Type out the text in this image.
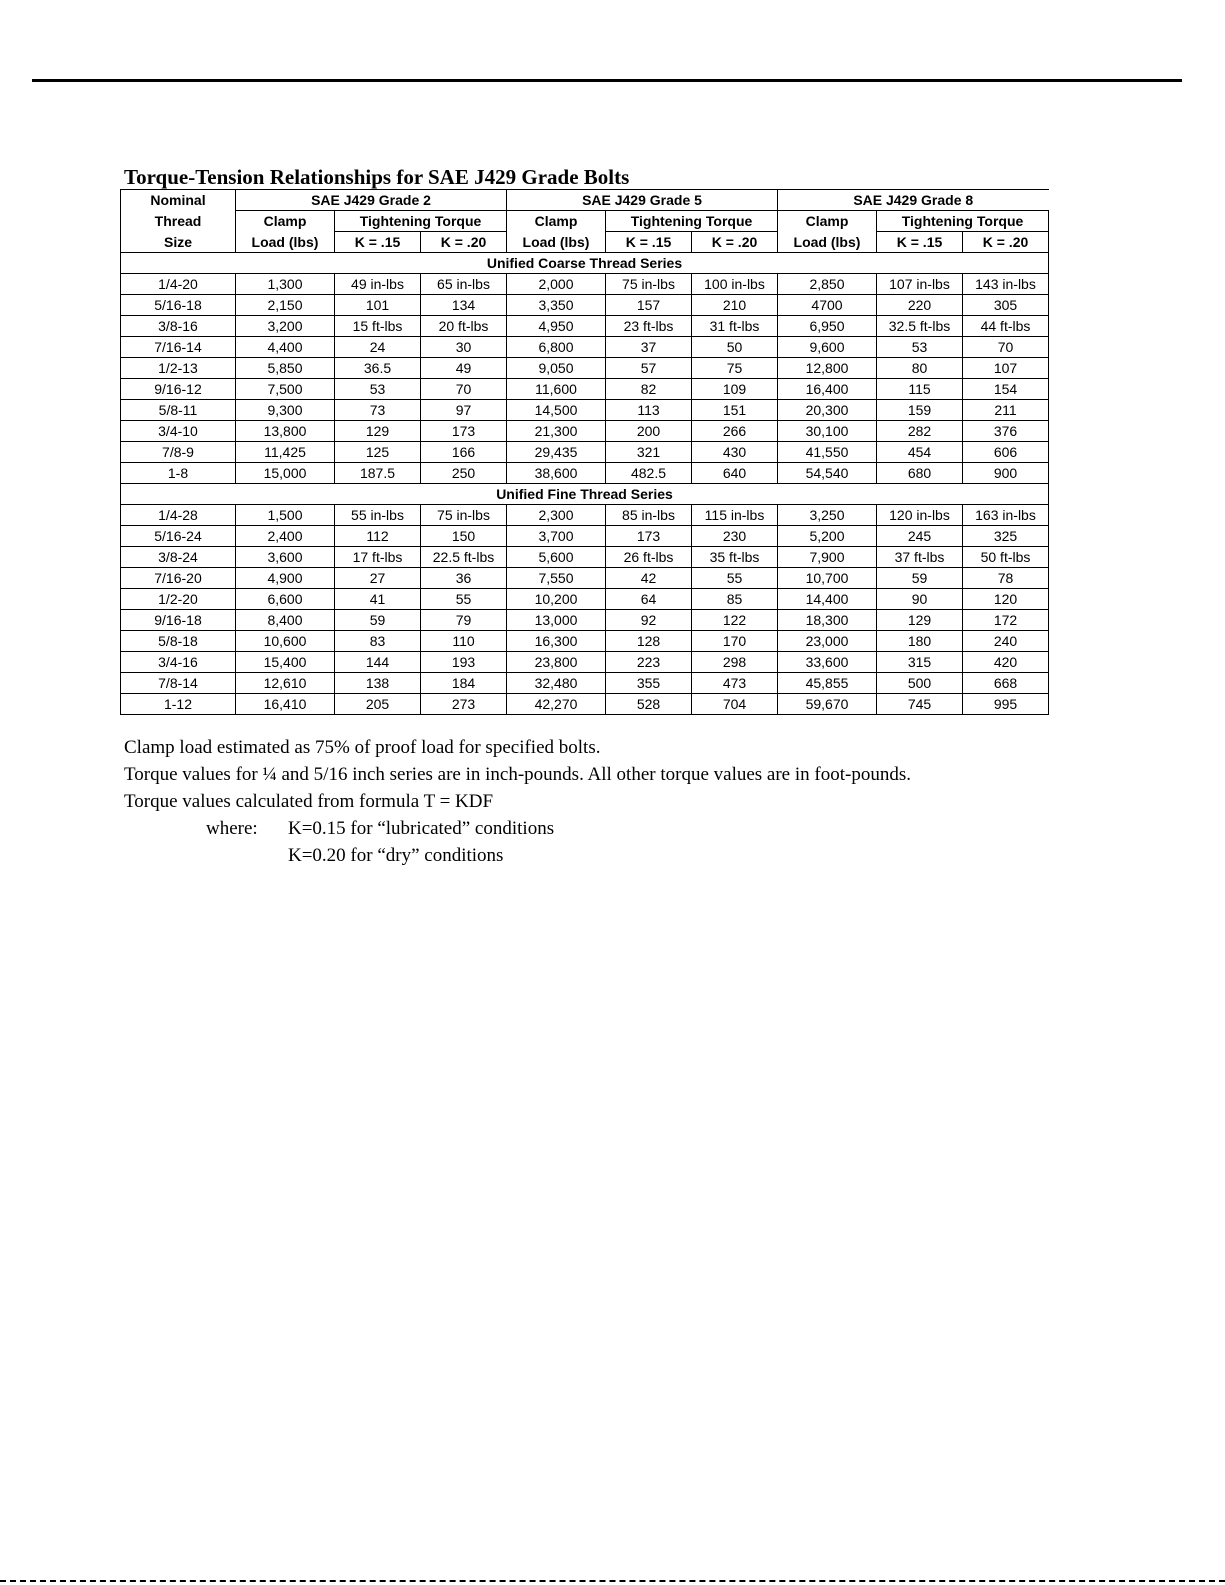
Torque-Tension Relationships for SAE J429 Grade Bolts
Nominal	SAE J429 Grade 2			SAE J429 Grade 5			SAE J429 Grade 8		
Thread	Clamp	Tightening Torque		Clamp	Tightening Torque		Clamp	Tightening Torque	
Size	Load (lbs)	K = .15	K = .20	Load (lbs)	K = .15	K = .20	Load (lbs)	K = .15	K = .20
Unified Coarse Thread Series									
1/4-20	1,300	49 in-lbs	65 in-lbs	2,000	75 in-lbs	100 in-lbs	2,850	107 in-lbs	143 in-lbs
5/16-18	2,150	101	134	3,350	157	210	4700	220	305
3/8-16	3,200	15 ft-lbs	20 ft-lbs	4,950	23 ft-lbs	31 ft-lbs	6,950	32.5 ft-lbs	44 ft-lbs
7/16-14	4,400	24	30	6,800	37	50	9,600	53	70
1/2-13	5,850	36.5	49	9,050	57	75	12,800	80	107
9/16-12	7,500	53	70	11,600	82	109	16,400	115	154
5/8-11	9,300	73	97	14,500	113	151	20,300	159	211
3/4-10	13,800	129	173	21,300	200	266	30,100	282	376
7/8-9	11,425	125	166	29,435	321	430	41,550	454	606
1-8	15,000	187.5	250	38,600	482.5	640	54,540	680	900
Unified Fine Thread Series									
1/4-28	1,500	55 in-lbs	75 in-lbs	2,300	85 in-lbs	115 in-lbs	3,250	120 in-lbs	163 in-lbs
5/16-24	2,400	112	150	3,700	173	230	5,200	245	325
3/8-24	3,600	17 ft-lbs	22.5 ft-lbs	5,600	26 ft-lbs	35 ft-lbs	7,900	37 ft-lbs	50 ft-lbs
7/16-20	4,900	27	36	7,550	42	55	10,700	59	78
1/2-20	6,600	41	55	10,200	64	85	14,400	90	120
9/16-18	8,400	59	79	13,000	92	122	18,300	129	172
5/8-18	10,600	83	110	16,300	128	170	23,000	180	240
3/4-16	15,400	144	193	23,800	223	298	33,600	315	420
7/8-14	12,610	138	184	32,480	355	473	45,855	500	668
1-12	16,410	205	273	42,270	528	704	59,670	745	995
Clamp load estimated as 75% of proof load for specified bolts.
Torque values for ¼ and 5/16 inch series are in inch-pounds. All other torque values are in foot-pounds.
Torque values calculated from formula T = KDF
where: K=0.15 for “lubricated” conditions
K=0.20 for “dry” conditions
